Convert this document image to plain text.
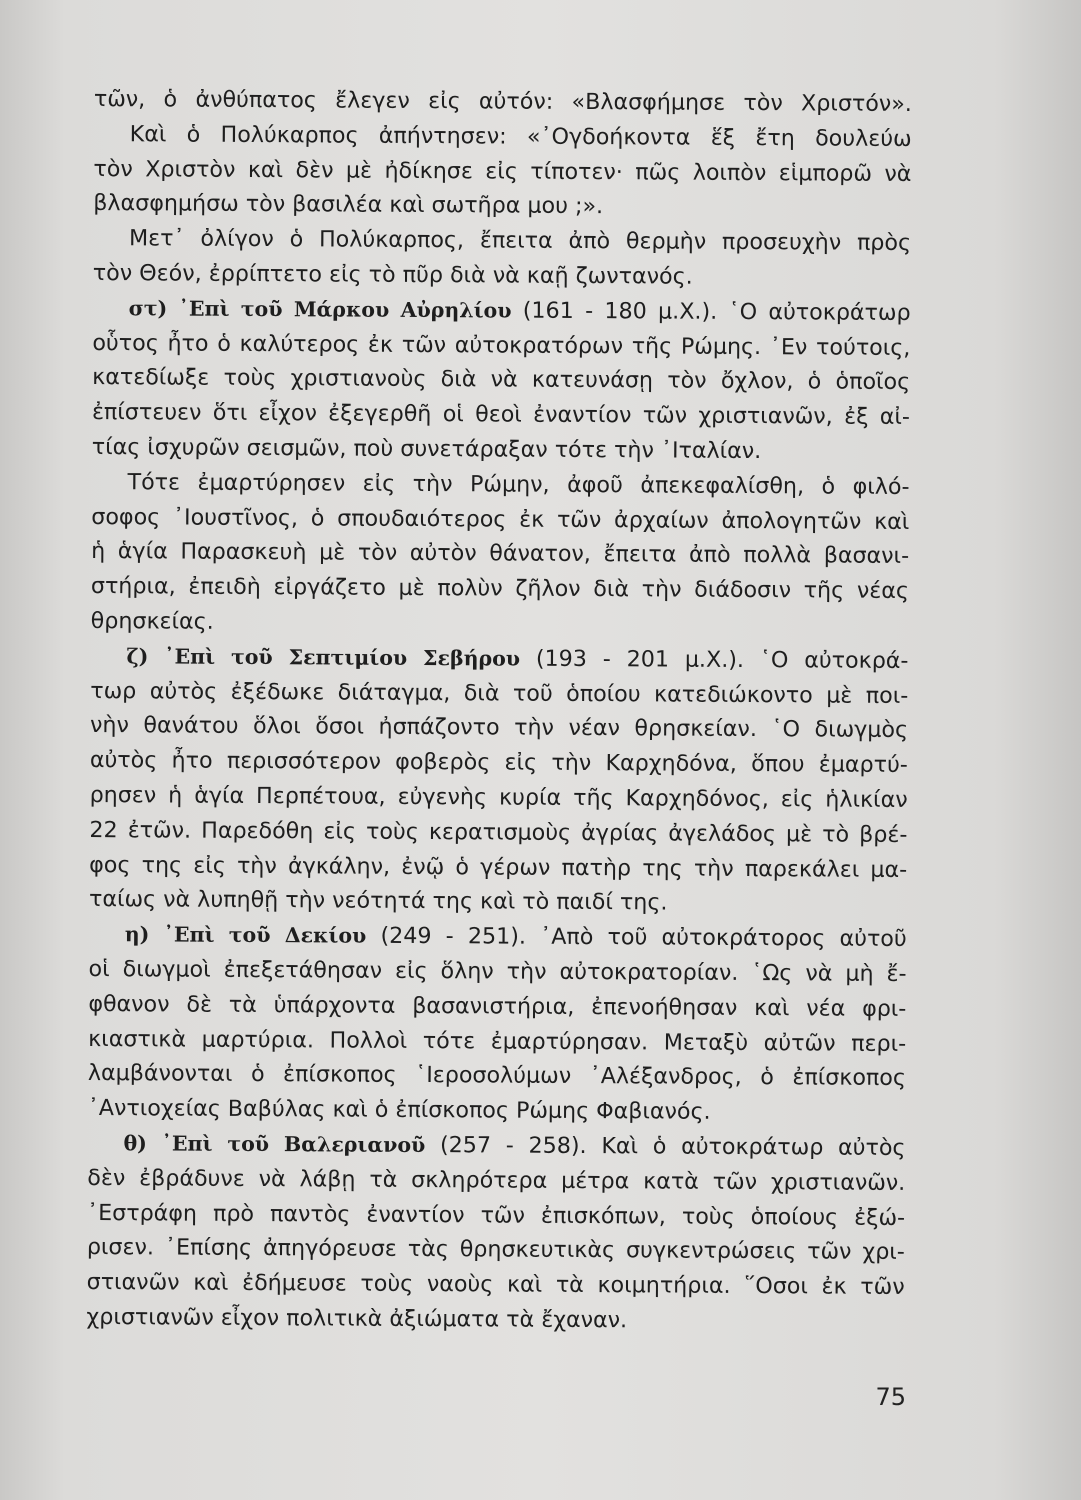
τῶν, ὁ ἀνθύπατος ἔλεγεν εἰς αὐτόν: «Βλασφήμησε τὸν Χριστόν».
Καὶ ὁ Πολύκαρπος ἀπήντησεν: «᾿Ογδοήκοντα ἕξ ἔτη δουλεύω
τὸν Χριστὸν καὶ δὲν μὲ ἠδίκησε εἰς τίποτεν· πῶς λοιπὸν εἱμπορῶ νὰ
βλασφημήσω τὸν βασιλέα καὶ σωτῆρα μου ;».
Μετ᾿ ὀλίγον ὁ Πολύκαρπος, ἔπειτα ἀπὸ θερμὴν προσευχὴν πρὸς
τὸν Θεόν, ἐρρίπτετο εἰς τὸ πῦρ διὰ νὰ καῇ ζωντανός.
στ) ᾿Επὶ τοῦ Μάρκου Αὐρηλίου (161 - 180 μ.Χ.). ῾Ο αὐτοκράτωρ
οὗτος ἦτο ὁ καλύτερος ἐκ τῶν αὐτοκρατόρων τῆς Ρώμης. ᾿Εν τούτοις,
κατεδίωξε τοὺς χριστιανοὺς διὰ νὰ κατευνάσῃ τὸν ὄχλον, ὁ ὁποῖος
ἐπίστευεν ὅτι εἶχον ἐξεγερθῆ οἱ θεοὶ ἐναντίον τῶν χριστιανῶν, ἐξ αἰ-
τίας ἰσχυρῶν σεισμῶν, ποὺ συνετάραξαν τότε τὴν ᾿Ιταλίαν.
Τότε ἐμαρτύρησεν εἰς τὴν Ρώμην, ἀφοῦ ἀπεκεφαλίσθη, ὁ φιλό-
σοφος ᾿Ιουστῖνος, ὁ σπουδαιότερος ἐκ τῶν ἀρχαίων ἀπολογητῶν καὶ
ἡ ἁγία Παρασκευὴ μὲ τὸν αὐτὸν θάνατον, ἔπειτα ἀπὸ πολλὰ βασανι-
στήρια, ἐπειδὴ εἰργάζετο μὲ πολὺν ζῆλον διὰ τὴν διάδοσιν τῆς νέας
θρησκείας.
ζ) ᾿Επὶ τοῦ Σεπτιμίου Σεβήρου (193 - 201 μ.Χ.). ῾Ο αὐτοκρά-
τωρ αὐτὸς ἐξέδωκε διάταγμα, διὰ τοῦ ὁποίου κατεδιώκοντο μὲ ποι-
νὴν θανάτου ὅλοι ὅσοι ἠσπάζοντο τὴν νέαν θρησκείαν. ῾Ο διωγμὸς
αὐτὸς ἦτο περισσότερον φοβερὸς εἰς τὴν Καρχηδόνα, ὅπου ἐμαρτύ-
ρησεν ἡ ἁγία Περπέτουα, εὐγενὴς κυρία τῆς Καρχηδόνος, εἰς ἡλικίαν
22 ἐτῶν. Παρεδόθη εἰς τοὺς κερατισμοὺς ἀγρίας ἀγελάδος μὲ τὸ βρέ-
φος της εἰς τὴν ἀγκάλην, ἐνῷ ὁ γέρων πατὴρ της τὴν παρεκάλει μα-
ταίως νὰ λυπηθῇ τὴν νεότητά της καὶ τὸ παιδί της.
η) ᾿Επὶ τοῦ Δεκίου (249 - 251). ᾿Απὸ τοῦ αὐτοκράτορος αὐτοῦ
οἱ διωγμοὶ ἐπεξετάθησαν εἰς ὅλην τὴν αὐτοκρατορίαν. ῾Ως νὰ μὴ ἔ-
φθανον δὲ τὰ ὑπάρχοντα βασανιστήρια, ἐπενοήθησαν καὶ νέα φρι-
κιαστικὰ μαρτύρια. Πολλοὶ τότε ἐμαρτύρησαν. Μεταξὺ αὐτῶν περι-
λαμβάνονται ὁ ἐπίσκοπος ῾Ιεροσολύμων ᾿Αλέξανδρος, ὁ ἐπίσκοπος
᾿Αντιοχείας Βαβύλας καὶ ὁ ἐπίσκοπος Ρώμης Φαβιανός.
θ) ᾿Επὶ τοῦ Βαλεριανοῦ (257 - 258). Καὶ ὁ αὐτοκράτωρ αὐτὸς
δὲν ἐβράδυνε νὰ λάβῃ τὰ σκληρότερα μέτρα κατὰ τῶν χριστιανῶν.
᾿Εστράφη πρὸ παντὸς ἐναντίον τῶν ἐπισκόπων, τοὺς ὁποίους ἐξώ-
ρισεν. ᾿Επίσης ἀπηγόρευσε τὰς θρησκευτικὰς συγκεντρώσεις τῶν χρι-
στιανῶν καὶ ἐδήμευσε τοὺς ναοὺς καὶ τὰ κοιμητήρια. ῞Οσοι ἐκ τῶν
χριστιανῶν εἶχον πολιτικὰ ἀξιώματα τὰ ἔχαναν.
75
